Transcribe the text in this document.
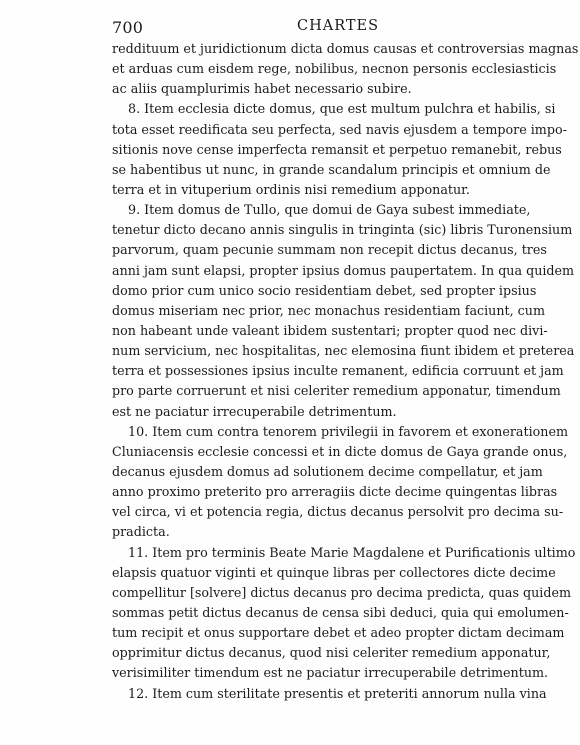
700	CHARTES
reddituum et juridictionum dicta domus causas et controversias magnas
et arduas cum eisdem rege, nobilibus, necnon personis ecclesiasticis
ac aliis quamplurimis habet necessario subire.
8. Item ecclesia dicte domus, que est multum pulchra et habilis, si
tota esset reedificata seu perfecta, sed navis ejusdem a tempore impo-
sitionis nove cense imperfecta remansit et perpetuo remanebit, rebus
se habentibus ut nunc, in grande scandalum principis et omnium de
terra et in vituperium ordinis nisi remedium apponatur.
9. Item domus de Tullo, que domui de Gaya subest immediate,
tenetur dicto decano annis singulis in tringinta (sic) libris Turonensium
parvorum, quam pecunie summam non recepit dictus decanus, tres
anni jam sunt elapsi, propter ipsius domus paupertatem. In qua quidem
domo prior cum unico socio residentiam debet, sed propter ipsius
domus miseriam nec prior, nec monachus residentiam faciunt, cum
non habeant unde valeant ibidem sustentari; propter quod nec divi-
num servicium, nec hospitalitas, nec elemosina fiunt ibidem et preterea
terra et possessiones ipsius inculte remanent, edificia corruunt et jam
pro parte corruerunt et nisi celeriter remedium apponatur, timendum
est ne paciatur irrecuperabile detrimentum.
10. Item cum contra tenorem privilegii in favorem et exonerationem
Cluniacensis ecclesie concessi et in dicte domus de Gaya grande onus,
decanus ejusdem domus ad solutionem decime compellatur, et jam
anno proximo preterito pro arreragiis dicte decime quingentas libras
vel circa, vi et potencia regia, dictus decanus persolvit pro decima su-
pradicta.
11. Item pro terminis Beate Marie Magdalene et Purificationis ultimo
elapsis quatuor viginti et quinque libras per collectores dicte decime
compellitur [solvere] dictus decanus pro decima predicta, quas quidem
sommas petit dictus decanus de censa sibi deduci, quia qui emolumen-
tum recipit et onus supportare debet et adeo propter dictam decimam
opprimitur dictus decanus, quod nisi celeriter remedium apponatur,
verisimiliter timendum est ne paciatur irrecuperabile detrimentum.
12. Item cum sterilitate presentis et preteriti annorum nulla vina
